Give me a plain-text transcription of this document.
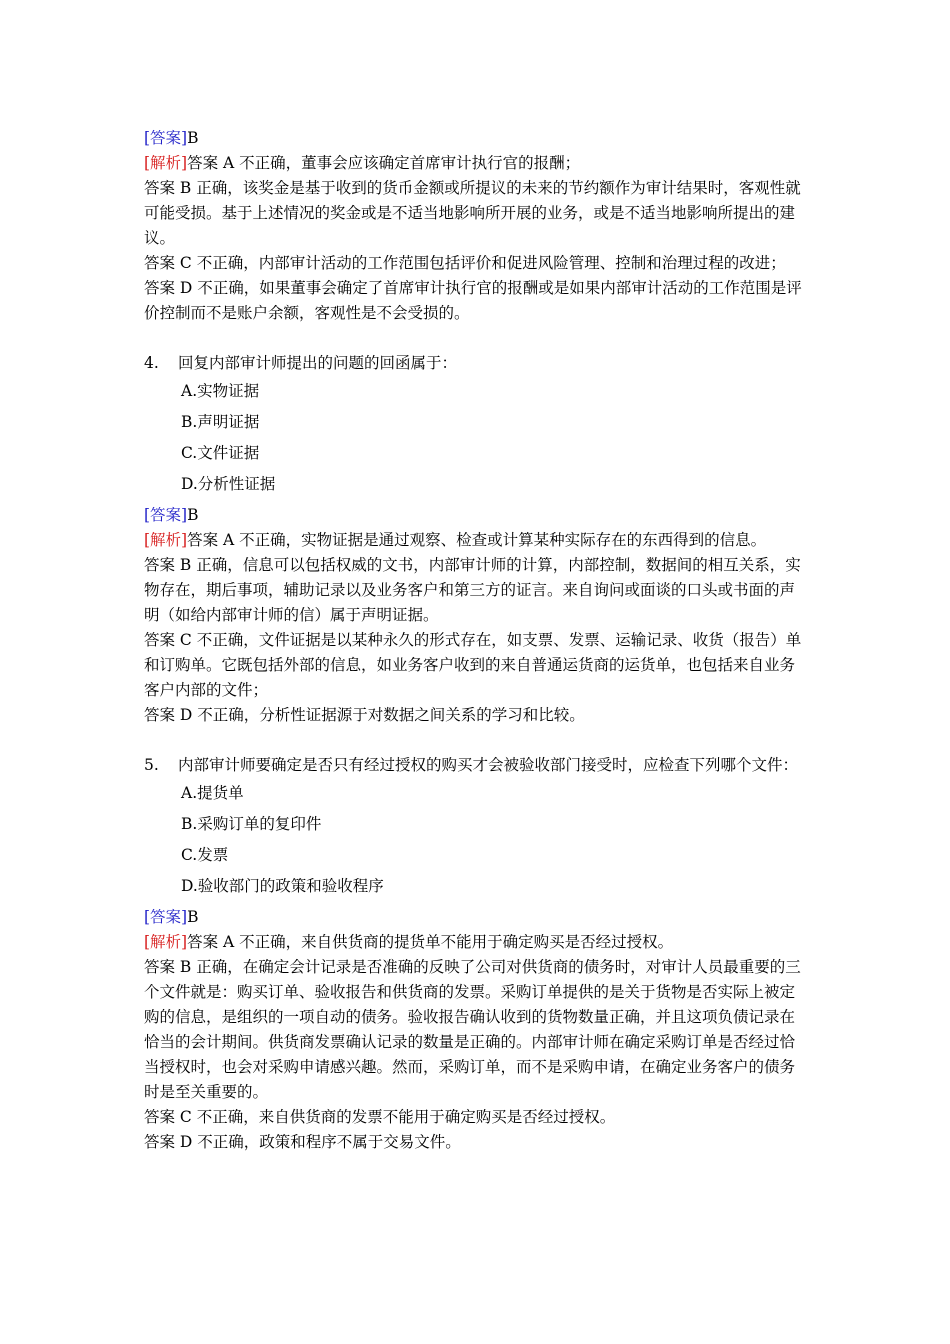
[答案]B
[解析]答案 A 不正确，董事会应该确定首席审计执行官的报酬；
答案 B 正确，该奖金是基于收到的货币金额或所提议的未来的节约额作为审计结果时，客观性就可能受损。基于上述情况的奖金或是不适当地影响所开展的业务，或是不适当地影响所提出的建议。
答案 C 不正确，内部审计活动的工作范围包括评价和促进风险管理、控制和治理过程的改进；
答案 D 不正确，如果董事会确定了首席审计执行官的报酬或是如果内部审计活动的工作范围是评价控制而不是账户余额，客观性是不会受损的。
4.	回复内部审计师提出的问题的回函属于：
A.实物证据
B.声明证据
C.文件证据
D.分析性证据
[答案]B
[解析]答案 A 不正确，实物证据是通过观察、检查或计算某种实际存在的东西得到的信息。
答案 B 正确，信息可以包括权威的文书，内部审计师的计算，内部控制，数据间的相互关系，实物存在，期后事项，辅助记录以及业务客户和第三方的证言。来自询问或面谈的口头或书面的声明（如给内部审计师的信）属于声明证据。
答案 C 不正确，文件证据是以某种永久的形式存在，如支票、发票、运输记录、收货（报告）单和订购单。它既包括外部的信息，如业务客户收到的来自普通运货商的运货单，也包括来自业务客户内部的文件；
答案 D 不正确，分析性证据源于对数据之间关系的学习和比较。
5.	内部审计师要确定是否只有经过授权的购买才会被验收部门接受时，应检查下列哪个文件：
A.提货单
B.采购订单的复印件
C.发票
D.验收部门的政策和验收程序
[答案]B
[解析]答案 A 不正确，来自供货商的提货单不能用于确定购买是否经过授权。
答案 B 正确，在确定会计记录是否准确的反映了公司对供货商的债务时，对审计人员最重要的三个文件就是：购买订单、验收报告和供货商的发票。采购订单提供的是关于货物是否实际上被定购的信息，是组织的一项自动的债务。验收报告确认收到的货物数量正确，并且这项负债记录在恰当的会计期间。供货商发票确认记录的数量是正确的。内部审计师在确定采购订单是否经过恰当授权时，也会对采购申请感兴趣。然而，采购订单，而不是采购申请，在确定业务客户的债务时是至关重要的。
答案 C 不正确，来自供货商的发票不能用于确定购买是否经过授权。
答案 D 不正确，政策和程序不属于交易文件。
